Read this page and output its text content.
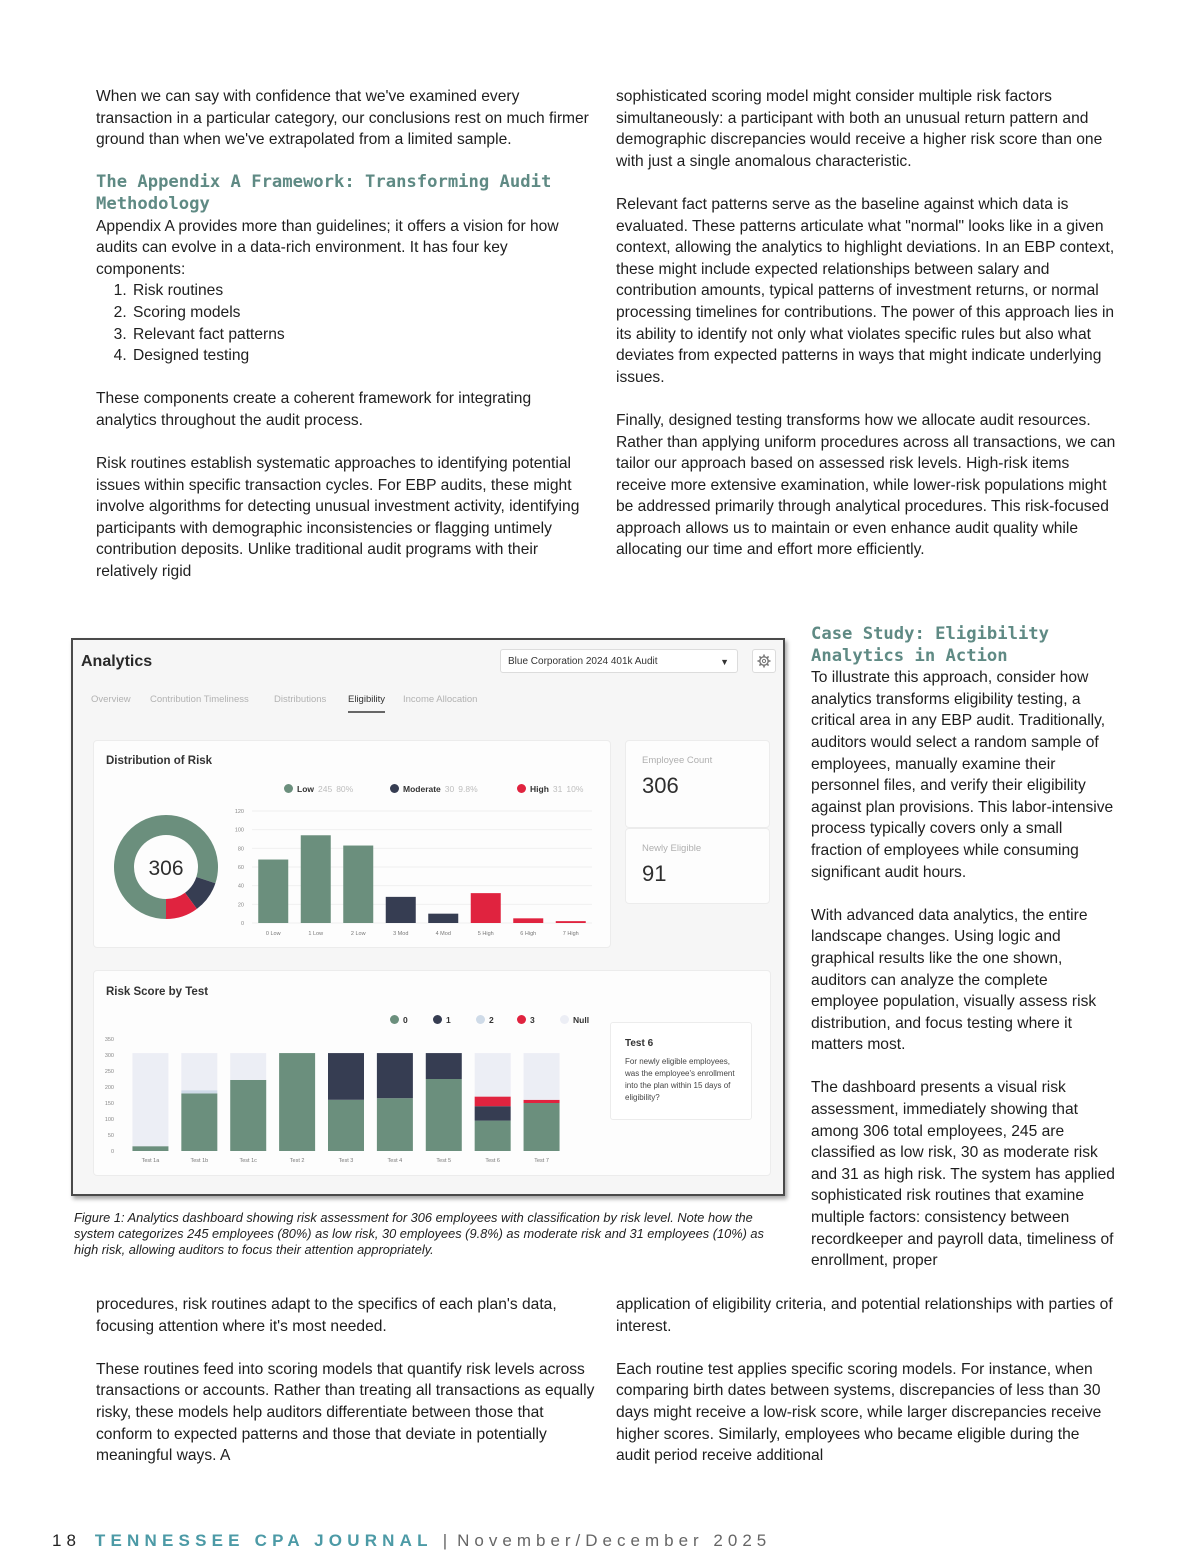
When we can say with confidence that we've examined every transaction in a particular category, our conclusions rest on much firmer ground than when we've extrapolated from a limited sample.

The Appendix A Framework: Transforming Audit Methodology

Appendix A provides more than guidelines; it offers a vision for how audits can evolve in a data-rich environment. It has four key components:

1. Risk routines
2. Scoring models
3. Relevant fact patterns
4. Designed testing

These components create a coherent framework for integrating analytics throughout the audit process.

Risk routines establish systematic approaches to identifying potential issues within specific transaction cycles. For EBP audits, these might involve algorithms for detecting unusual investment activity, identifying participants with demographic inconsistencies or flagging untimely contribution deposits. Unlike traditional audit programs with their relatively rigid

sophisticated scoring model might consider multiple risk factors simultaneously: a participant with both an unusual return pattern and demographic discrepancies would receive a higher risk score than one with just a single anomalous characteristic.

Relevant fact patterns serve as the baseline against which data is evaluated. These patterns articulate what "normal" looks like in a given context, allowing the analytics to highlight deviations. In an EBP context, these might include expected relationships between salary and contribution amounts, typical patterns of investment returns, or normal processing timelines for contributions. The power of this approach lies in its ability to identify not only what violates specific rules but also what deviates from expected patterns in ways that might indicate underlying issues.

Finally, designed testing transforms how we allocate audit resources. Rather than applying uniform procedures across all transactions, we can tailor our approach based on assessed risk levels. High-risk items receive more extensive examination, while lower-risk populations might be addressed primarily through analytical procedures. This risk-focused approach allows us to maintain or even enhance audit quality while allocating our time and effort more efficiently.

Case Study: Eligibility Analytics in Action

To illustrate this approach, consider how analytics transforms eligibility testing, a critical area in any EBP audit. Traditionally, auditors would select a random sample of employees, manually examine their personnel files, and verify their eligibility against plan provisions. This labor-intensive process typically covers only a small fraction of employees while consuming significant audit hours.

With advanced data analytics, the entire landscape changes. Using logic and graphical results like the one shown, auditors can analyze the complete employee population, visually assess risk distribution, and focus testing where it matters most.

The dashboard presents a visual risk assessment, immediately showing that among 306 total employees, 245 are classified as low risk, 30 as moderate risk and 31 as high risk. The system has applied sophisticated risk routines that examine multiple factors: consistency between recordkeeper and payroll data, timeliness of enrollment, proper

Analytics	Blue Corporation 2024 401k Audit	▼
Overview Contribution Timeliness	Distributions Eligibility Income Allocation
Distribution of Risk
Low 245 80%	Moderate 30 9.8%	High 31 10%
306
0
20
40
60
80
100
120
0 Low	1 Low	2 Low	3 Mod	4 Mod	5 High	6 High	7 High
Employee Count
306
Newly Eligible
91
Risk Score by Test
0	1	2	3	Null
0
50
100
150
200
250
300
350
Test 1a	Test 1b	Test 1c	Test 2	Test 3	Test 4	Test 5	Test 6	Test 7
Test 6
For newly eligible employees, was the employee's enrollment into the plan within 15 days of eligibility?
Figure 1: Analytics dashboard showing risk assessment for 306 employees with classification by risk level. Note how the system categorizes 245 employees (80%) as low risk, 30 employees (9.8%) as moderate risk and 31 employees (10%) as high risk, allowing auditors to focus their attention appropriately.

procedures, risk routines adapt to the specifics of each plan's data, focusing attention where it's most needed.

These routines feed into scoring models that quantify risk levels across transactions or accounts. Rather than treating all transactions as equally risky, these models help auditors differentiate between those that conform to expected patterns and those that deviate in potentially meaningful ways. A

application of eligibility criteria, and potential relationships with parties of interest.

Each routine test applies specific scoring models. For instance, when comparing birth dates between systems, discrepancies of less than 30 days might receive a low-risk score, while larger discrepancies receive higher scores. Similarly, employees who became eligible during the audit period receive additional

18 TENNESSEE CPA JOURNAL | November/December 2025
